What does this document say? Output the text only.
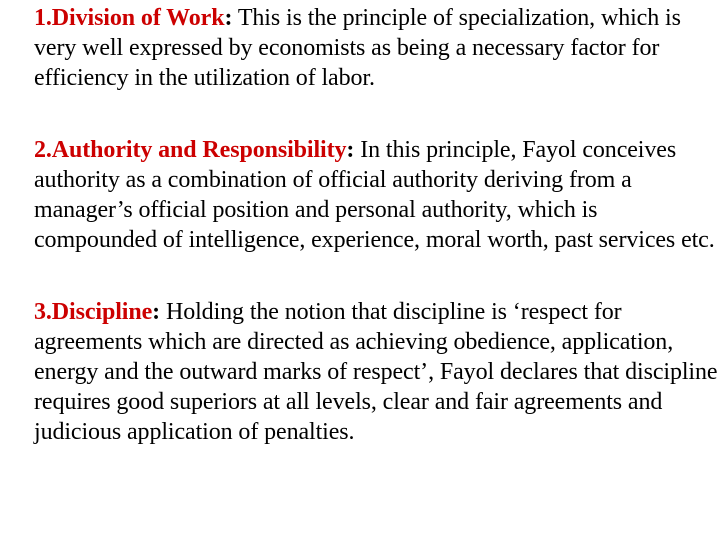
1.Division of Work: This is the principle of specialization, which is very well expressed by economists as being a necessary factor for efficiency in the utilization of labor.

2.Authority and Responsibility: In this principle, Fayol conceives authority as a combination of official authority deriving from a manager’s official position and personal authority, which is compounded of intelligence, experience, moral worth, past services etc.

3.Discipline: Holding the notion that discipline is ‘respect for agreements which are directed as achieving obedience, application, energy and the outward marks of respect’, Fayol declares that discipline requires good superiors at all levels, clear and fair agreements and judicious application of penalties.
